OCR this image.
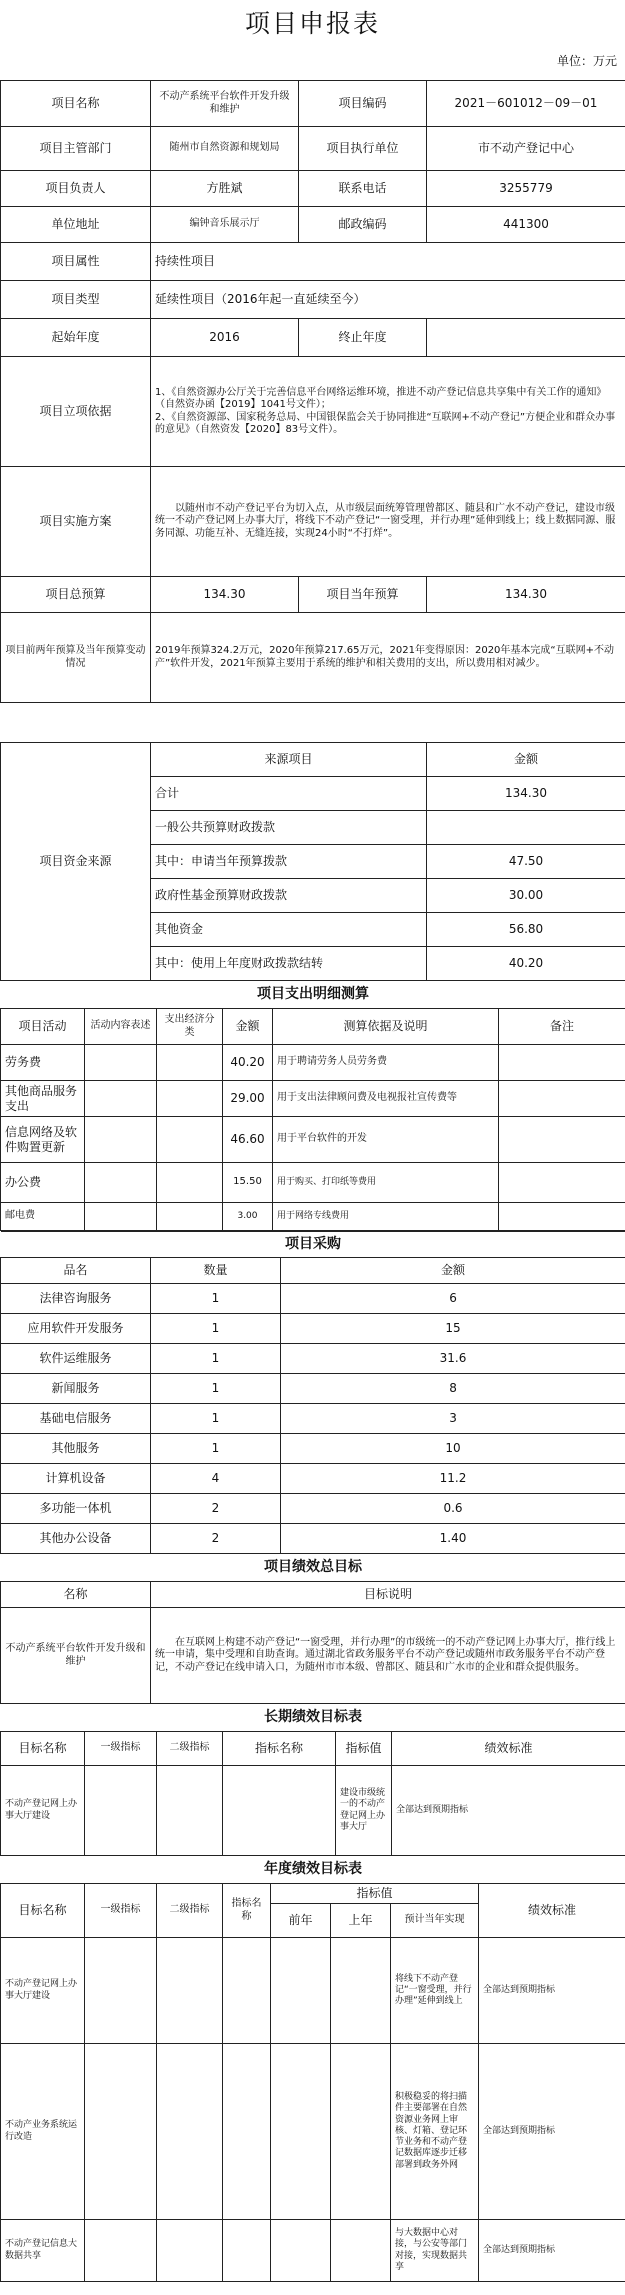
项目申报表
单位：万元
项目名称	不动产系统平台软件开发升级和维护	项目编码	2021－601012－09－01
项目主管部门	随州市自然资源和规划局	项目执行单位	市不动产登记中心
项目负责人	方胜斌	联系电话	3255779
单位地址	编钟音乐展示厅	邮政编码	441300
项目属性	持续性项目		
项目类型	延续性项目（2016年起一直延续至今）		
起始年度	2016	终止年度	
项目立项依据	1、《自然资源办公厅关于完善信息平台网络运维环境，推进不动产登记信息共享集中有关工作的通知》（自然资办函【2019】1041号文件）；
2、《自然资源部、国家税务总局、中国银保监会关于协同推进“互联网+不动产登记”方便企业和群众办事的意见》（自然资发【2020】83号文件）。		
项目实施方案	以随州市不动产登记平台为切入点，从市级层面统筹管理曾都区、随县和广水不动产登记，建设市级统一不动产登记网上办事大厅，将线下不动产登记“一窗受理，并行办理”延伸到线上；线上数据同源、服务同源、功能互补、无缝连接，实现24小时“不打烊”。		
项目总预算	134.30	项目当年预算	134.30
项目前两年预算及当年预算变动情况	2019年预算324.2万元，2020年预算217.65万元，2021年变得原因：2020年基本完成“互联网+不动产”软件开发，2021年预算主要用于系统的维护和相关费用的支出，所以费用相对减少。		
项目资金来源	来源项目	金额
	合计	134.30
	一般公共预算财政拨款	
	其中：申请当年预算拨款	47.50
	政府性基金预算财政拨款	30.00
	其他资金	56.80
	其中：使用上年度财政拨款结转	40.20
项目支出明细测算					
项目活动	活动内容表述	支出经济分类	金额	测算依据及说明	备注
劳务费			40.20	用于聘请劳务人员劳务费	
其他商品服务支出			29.00	用于支出法律顾问费及电视报社宣传费等	
信息网络及软件购置更新			46.60	用于平台软件的开发	
办公费			15.50	用于购买、打印纸等费用	
邮电费			3.00	用于网络专线费用	
项目采购		
品名	数量	金额
法律咨询服务	1	6
应用软件开发服务	1	15
软件运维服务	1	31.6
新闻服务	1	8
基础电信服务	1	3
其他服务	1	10
计算机设备	4	11.2
多功能一体机	2	0.6
其他办公设备	2	1.40
项目绩效总目标	
名称	目标说明
不动产系统平台软件开发升级和维护	在互联网上构建不动产登记“一窗受理，并行办理”的市级统一的不动产登记网上办事大厅，推行线上统一申请，集中受理和自助查询。通过湖北省政务服务平台不动产登记或随州市政务服务平台不动产登记，不动产登记在线申请入口，为随州市市本级、曾都区、随县和广水市的企业和群众提供服务。
长期绩效目标表					
目标名称	一级指标	二级指标	指标名称	指标值	绩效标准
不动产登记网上办事大厅建设				建设市级统一的不动产登记网上办事大厅	全部达到预期指标
年度绩效目标表							
目标名称	一级指标	二级指标	指标名称	指标值			绩效标准
				前年	上年	预计当年实现	
不动产登记网上办事大厅建设						将线下不动产登记“一窗受理，并行办理”延伸到线上	全部达到预期指标
不动产业务系统运行改造						积极稳妥的将扫描件主要部署在自然资源业务网上审核、灯箱、登记环节业务和不动产登记数据库逐步迁移部署到政务外网	全部达到预期指标
不动产登记信息大数据共享						与大数据中心对接，与公安等部门对接，实现数据共享	全部达到预期指标
